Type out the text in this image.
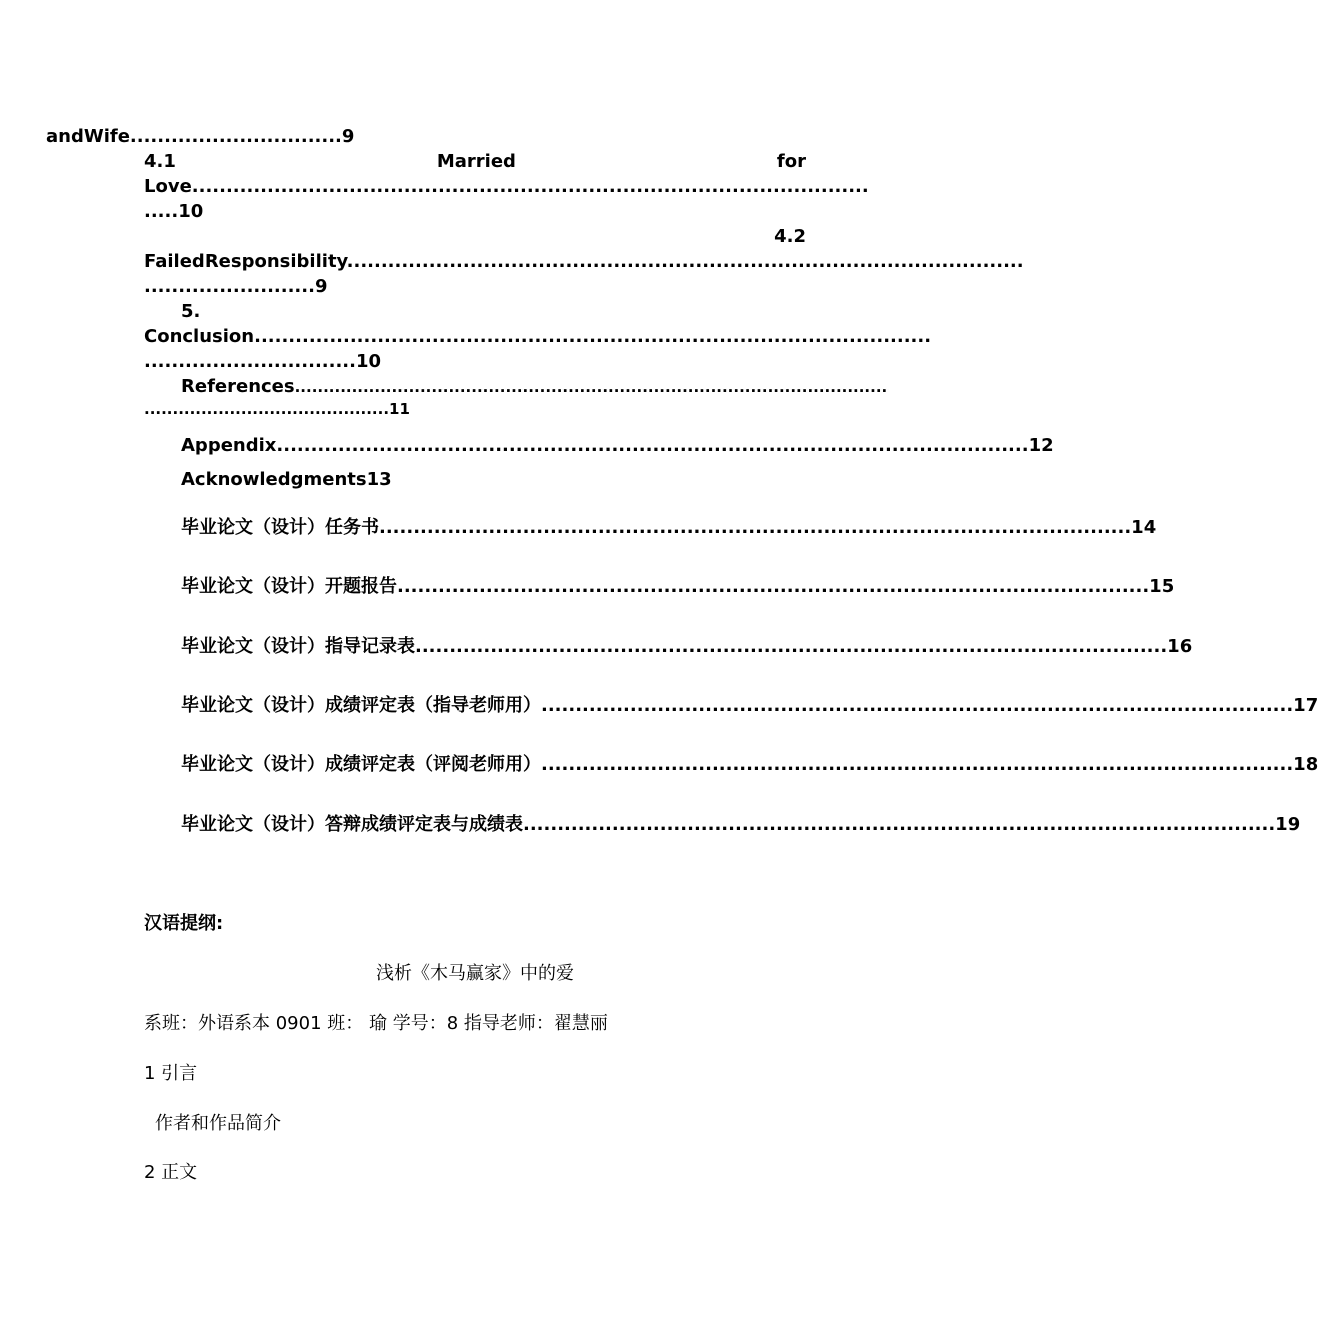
andWife...............................9
4.1	Married	for
Love...................................................................................................
.....10
4.2
FailedResponsibility...................................................................................................
.........................9
5.
Conclusion...................................................................................................
...............................10
References........................................................................................................
...........................................11
Appendix .............................................................................................................. 12
Acknowledgments13
毕业论文（设计）任务书 .............................................................................................................. 14
毕业论文（设计）开题报告 .............................................................................................................. 15
毕业论文（设计）指导记录表 .............................................................................................................. 16
毕业论文（设计）成绩评定表（指导老师用） .............................................................................................................. 17
毕业论文（设计）成绩评定表（评阅老师用） .............................................................................................................. 18
毕业论文（设计）答辩成绩评定表与成绩表 .............................................................................................................. 19
汉语提纲:
浅析《木马赢家》中的爱
系班：外语系本 0901 班： 瑜 学号：8 指导老师：翟慧丽
1 引言
作者和作品简介
2 正文
